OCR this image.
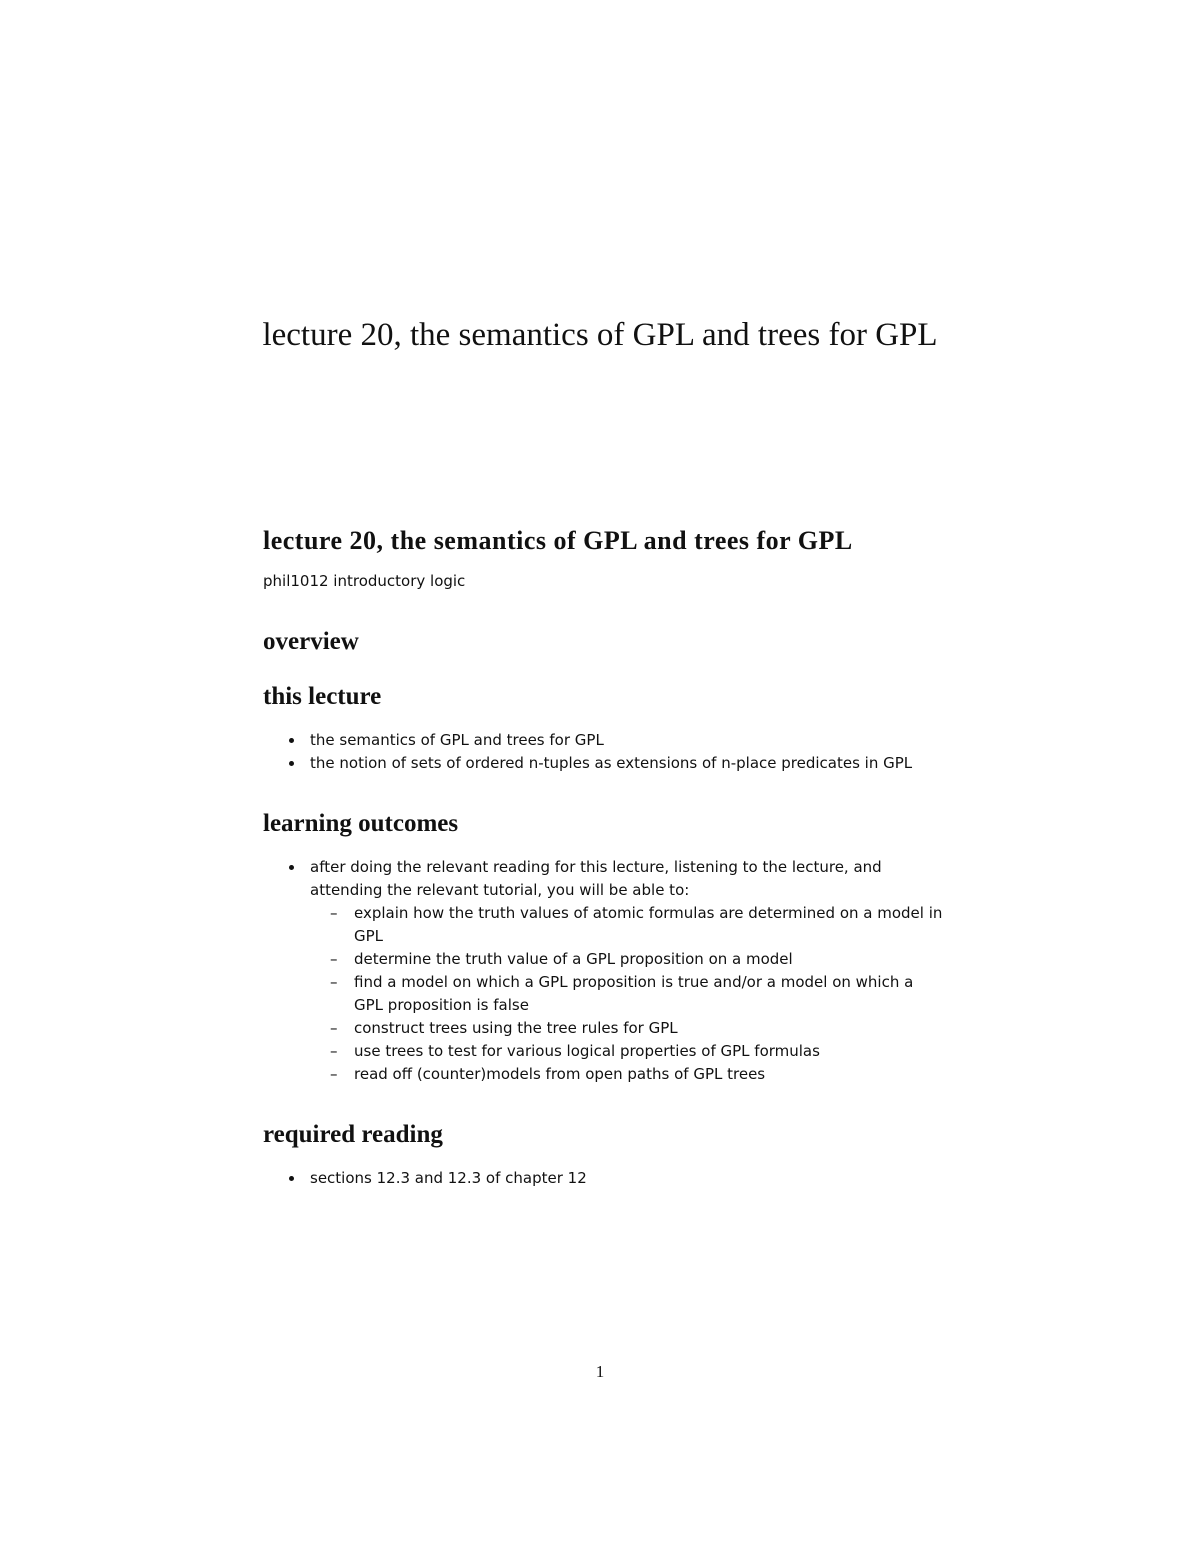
lecture 20, the semantics of GPL and trees for GPL
lecture 20, the semantics of GPL and trees for GPL

phil1012 introductory logic

overview
this lecture
the semantics of GPL and trees for GPL
the notion of sets of ordered n-tuples as extensions of n-place predicates in GPL
learning outcomes
after doing the relevant reading for this lecture, listening to the lecture, and attending the relevant tutorial, you will be able to:
– explain how the truth values of atomic formulas are determined on a model in GPL
– determine the truth value of a GPL proposition on a model
– find a model on which a GPL proposition is true and/or a model on which a GPL proposition is false
– construct trees using the tree rules for GPL
– use trees to test for various logical properties of GPL formulas
– read off (counter)models from open paths of GPL trees
required reading
sections 12.3 and 12.3 of chapter 12
1
